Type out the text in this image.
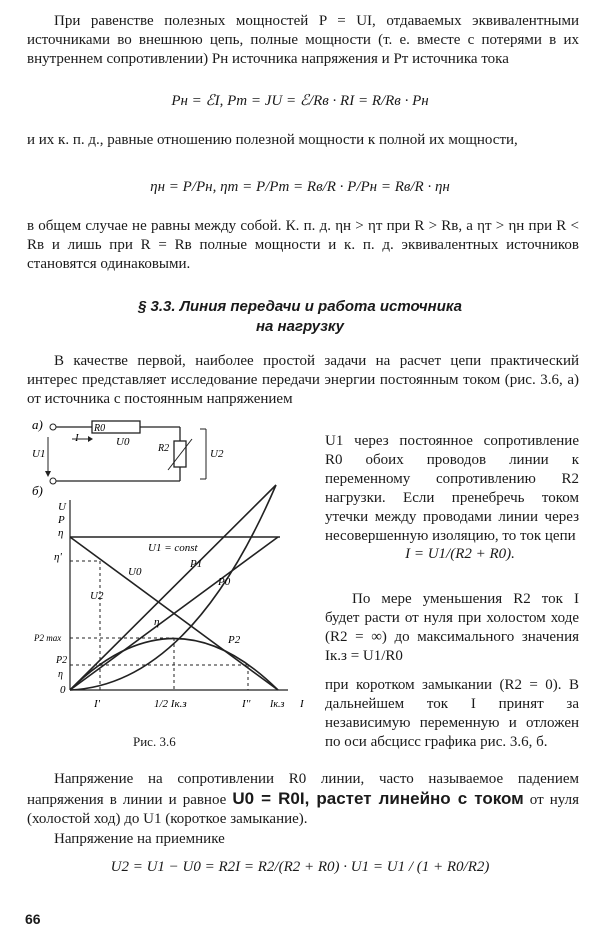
При равенстве полезных мощностей P = UI, отдаваемых эквивалентными источниками во внешнюю цепь, полные мощности (т. е. вместе с потерями в их внутреннем сопротивлении) Pн источника напряжения и Pт источника тока

Pн = ℰI, Pт = JU = ℰ/Rв · RI = R/Rв · Pн

и их к. п. д., равные отношению полезной мощности к полной их мощности,

ηн = P/Pн, ηт = P/Pт = Rв/R · P/Pн = Rв/R · ηн

в общем случае не равны между собой. К. п. д. ηн > ηт при R > Rв, а ηт > ηн при R < Rв и лишь при R = Rв полные мощности и к. п. д. эквивалентных источников становятся одинаковыми.

§ 3.3. Линия передачи и работа источника
на нагрузку

В качестве первой, наиболее простой задачи на расчет цепи практический интерес представляет исследование передачи энергии постоянным током (рис. 3.6, а) от источника с постоянным напряжением

а)	R0
U0
I
R2	U2
U1
б)
U
P
η
η'
P2 max
P2
η
0
U1 = const
U2
U0
P1
P0
P2
η
I'	1/2 Iк.з	I'' Iк.з I
Рис. 3.6

U1 через постоянное сопротивление R0 обоих проводов линии к переменному сопротивлению R2 нагрузки. Если пренебречь током утечки между проводами линии через несовершенную изоляцию, то ток цепи

I = U1/(R2 + R0).

По мере уменьшения R2 ток I будет расти от нуля при холостом ходе (R2 = ∞) до максимального значения Iк.з = U1/R0

при коротком замыкании (R2 = 0). В дальнейшем ток I принят за независимую переменную и отложен по оси абсцисс графика рис. 3.6, б.

Напряжение на сопротивлении R0 линии, часто называемое падением напряжения в линии и равное U0 = R0I, растет линейно с током от нуля (холостой ход) до U1 (короткое замыкание).

Напряжение на приемнике

U2 = U1 − U0 = R2I = R2/(R2 + R0) · U1 = U1 / (1 + R0/R2)
66
